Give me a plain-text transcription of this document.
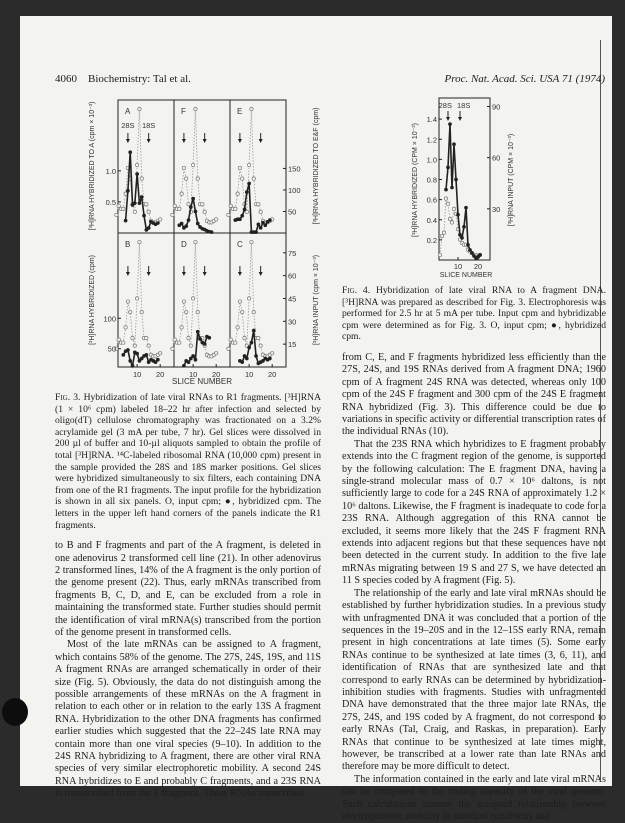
4060 Biochemistry: Tal et al.	Proc. Nat. Acad. Sci. USA 71 (1974)
A
28S 18S
F	E
B
10 20
D
10 20
C
10 20
1.0
0.5
150
100
50
100
50
75
60
45
30
15
[³H]RNA HYBRIDIZED TO A (cpm × 10⁻³)	[³H]RNA HYBRIDIZED TO E&F (cpm)
[³H]RNA HYBRIDIZED (cpm)	[³H]RNA INPUT (cpm × 10⁻³)
SLICE NUMBER
28S 18S
0.2
0.4
0.6
0.8
1.0
1.2
1.4
30
60
90
10 20
SLICE NUMBER
[³H]RNA HYBRIDIZED (CPM × 10⁻³)	[³H]RNA INPUT (CPM × 10⁻³)
Fig. 3. Hybridization of late viral RNAs to R1 fragments. [³H]RNA (1 × 10⁶ cpm) labeled 18–22 hr after infection and selected by oligo(dT) cellulose chromatography was fractionated on a 3.2% acrylamide gel (3 mA per tube, 7 hr). Gel slices were dissolved in 200 µl of buffer and 10-µl aliquots sampled to obtain the profile of total [³H]RNA. ¹⁴C-labeled ribosomal RNA (10,000 cpm) present in the sample provided the 28S and 18S marker positions. Gel slices were hybridized simultaneously to six filters, each containing DNA from one of the R1 fragments. The input profile for the hybridization is shown in all six panels. O, input cpm; ●, hybridized cpm. The letters in the upper left hand corners of the panels indicate the R1 fragments.

to B and F fragments and part of the A fragment, is deleted in one adenovirus 2 transformed cell line (21). In other adenovirus 2 transformed lines, 14% of the A fragment is the only portion of the genome present (22). Thus, early mRNAs transcribed from fragments B, C, D, and E, can be excluded from a role in maintaining the transformed state. Further studies should permit the identification of viral mRNA(s) transcribed from the portion of the genome present in transformed cells.

Most of the late mRNAs can be assigned to A fragment, which contains 58% of the genome. The 27S, 24S, 19S, and 11S A fragment RNAs are arranged schematically in order of their size (Fig. 5). Obviously, the data do not distinguish among the possible arrangements of these mRNAs on the A fragment in relation to each other or in relation to the early 13S A fragment RNA. Hybridization to the other DNA fragments has confirmed earlier studies which suggested that the 22–24S late RNA may contain more than one viral species (9–10). In addition to the 24S RNA hybridizing to A fragment, there are other viral RNA species of very similar electrophoretic mobility. A second 24S RNA hybridizes to E and probably C fragments, and a 23S RNA is transscribed from the F fragment. These RNAs transcribed

Fig. 4. Hybridization of late viral RNA to A fragment DNA. [³H]RNA was prepared as described for Fig. 3. Electrophoresis was performed for 2.5 hr at 5 mA per tube. Input cpm and hybridizable cpm were determined as for Fig. 3. O, input cpm; ●, hybridized cpm.

from C, E, and F fragments hybridized less efficiently than the 27S, 24S, and 19S RNAs derived from A fragment DNA; 1960 cpm of A fragment 24S RNA was detected, whereas only 100 cpm of the 24S F fragment and 300 cpm of the 24S E fragment RNA hybridized (Fig. 3). This difference could be due to variations in specific activity or differential transcription rates of the individual RNAs (10).

That the 23S RNA which hybridizes to E fragment probably extends into the C fragment region of the genome, is supported by the following calculation: The E fragment DNA, having a single-strand molecular mass of 0.7 × 10⁶ daltons, is not sufficiently large to code for a 24S RNA of approximately 1.2 × 10⁶ daltons. Likewise, the F fragment is inadequate to code for a 23S RNA. Although aggregation of this RNA cannot be excluded, it seems more likely that the 24S F fragment RNA extends into adjacent regions but that these sequences have not been detected in the current study. In addition to the five late mRNAs migrating between 19 S and 27 S, we have detected an 11 S species coded by A fragment (Fig. 5).

The relationship of the early and late viral mRNAs should be established by further hybridization studies. In a previous study with unfragmented DNA it was concluded that a portion of the sequences in the 19–20S and in the 12–15S early RNA, remain present in high concentrations at late times (5). Some early RNAs continue to be synthesized at late times (3, 6, 11), and identification of RNAs that are synthesized late and that correspond to early RNAs can be determined by hybridization-inhibition studies with fragments. Studies with unfragmented DNA have demonstrated that the three major late RNAs, the 27S, 24S, and 19S coded by A fragment, do not correspond to early RNAs (Tal, Craig, and Raskas, in preparation). Early RNAs that continue to be synthesized at late times might, however, be transcribed at a lower rate than late RNAs and therefore may be more difficult to detect.

The information contained in the early and late viral mRNAs can be compared to the coding capacity of the viral genome. Such calculations assume the accepted relationship between electrophoretic mobility in standard conditions and
